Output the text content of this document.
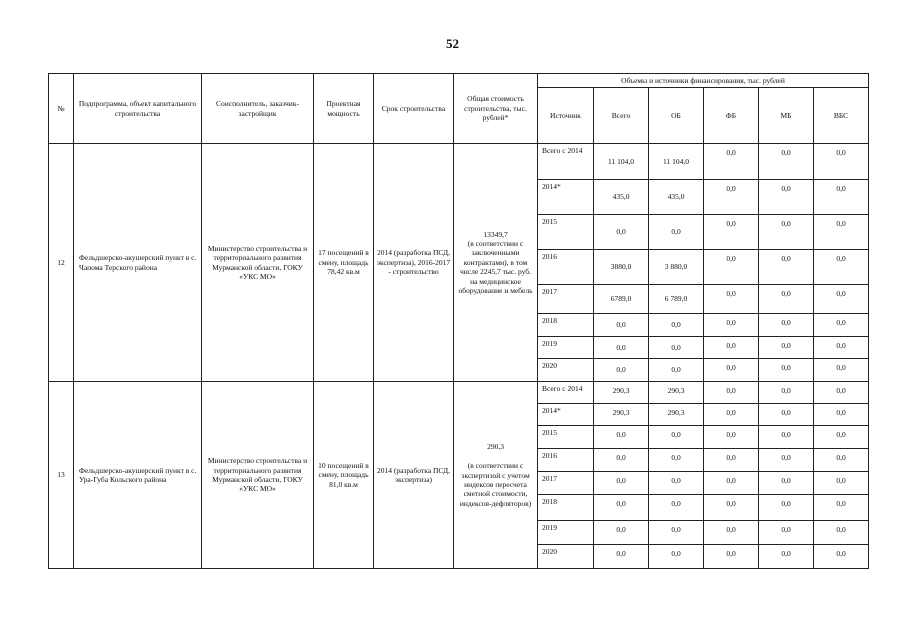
52
№	Подпрограмма, объект капитального строительства	Соисполнитель, заказчик-застройщик	Проектная мощность	Срок строительства	Общая стоимость строительства, тыс. рублей*	Объемы и источники финансирования, тыс. рублей					
						Источник	Всего	ОБ	ФБ	МБ	ВБС
12	Фельдшерско-акушерский пункт в с. Чапома Терского района	Министерство строительства и территориального развития Мурманской области, ГОКУ «УКС МО»	17 посещений в смену, площадь 78,42 кв.м	2014 (разработка ПСД, экспертиза), 2016-2017 - строительство	13349,7
(в соответствии с заключенными контрактами), в том числе 2245,7 тыс. руб. на медицинское оборудование и мебель	Всего с 2014	11 104,0	11 104,0	0,0	0,0	0,0
						2014*	435,0	435,0	0,0	0,0	0,0
						2015	0,0	0,0	0,0	0,0	0,0
						2016	3880,0	3 880,0	0,0	0,0	0,0
						2017	6789,0	6 789,0	0,0	0,0	0,0
						2018	0,0	0,0	0,0	0,0	0,0
						2019	0,0	0,0	0,0	0,0	0,0
						2020	0,0	0,0	0,0	0,0	0,0
13	Фельдшерско-акушерский пункт в с. Ура-Губа Кольского района	Министерство строительства и территориального развития Мурманской области, ГОКУ «УКС МО»	10 посещений в смену, площадь 81,0 кв.м	2014 (разработка ПСД, экспертиза)	290,3
(в соответствии с экспертизой с учетом индексов пересчета сметной стоимости, индексов-дефляторов)	Всего с 2014	290,3	290,3	0,0	0,0	0,0
						2014*	290,3	290,3	0,0	0,0	0,0
						2015	0,0	0,0	0,0	0,0	0,0
						2016	0,0	0,0	0,0	0,0	0,0
						2017	0,0	0,0	0,0	0,0	0,0
						2018	0,0	0,0	0,0	0,0	0,0
						2019	0,0	0,0	0,0	0,0	0,0
						2020	0,0	0,0	0,0	0,0	0,0
